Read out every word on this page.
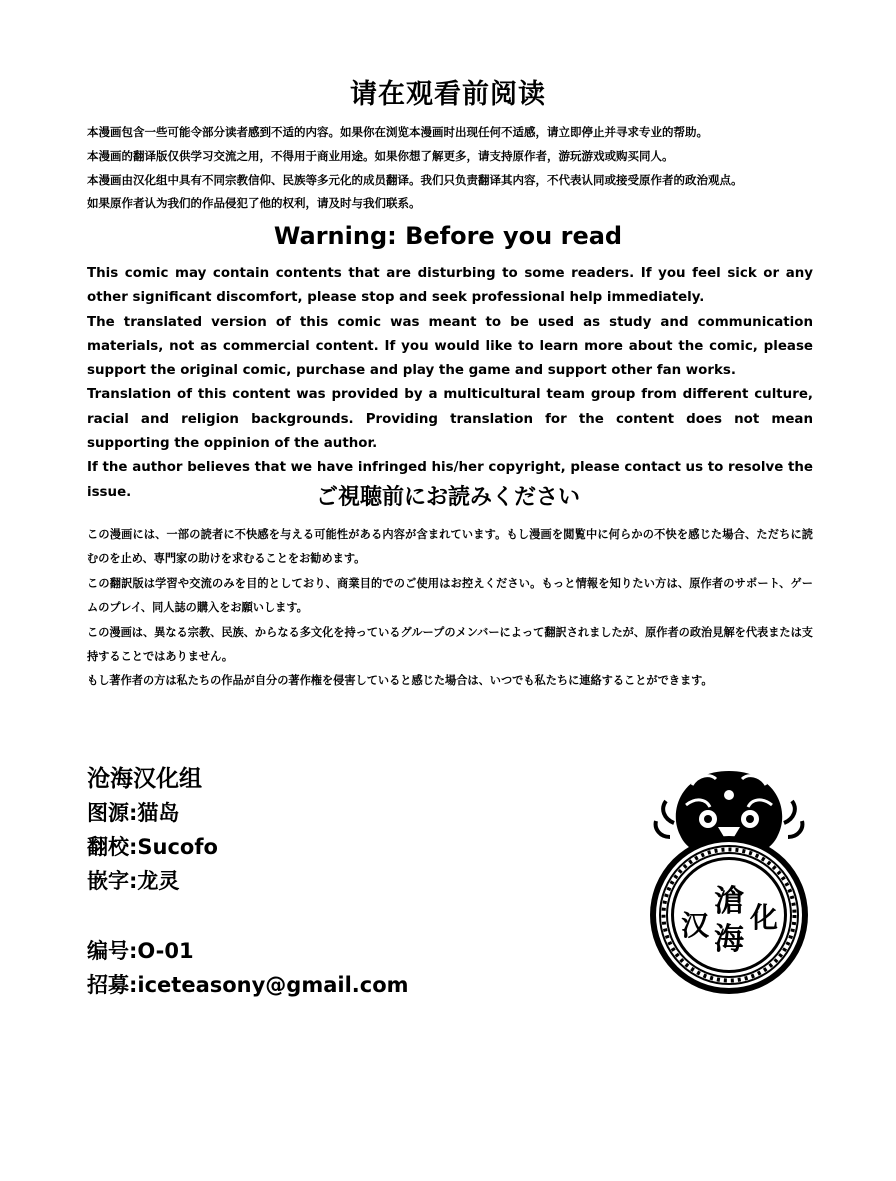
请在观看前阅读
本漫画包含一些可能令部分读者感到不适的内容。如果你在浏览本漫画时出现任何不适感，请立即停止并寻求专业的帮助。
本漫画的翻译版仅供学习交流之用，不得用于商业用途。如果你想了解更多，请支持原作者，游玩游戏或购买同人。
本漫画由汉化组中具有不同宗教信仰、民族等多元化的成员翻译。我们只负责翻译其内容，不代表认同或接受原作者的政治观点。
如果原作者认为我们的作品侵犯了他的权利，请及时与我们联系。
Warning: Before you read
This comic may contain contents that are disturbing to some readers. If you feel sick or any other significant discomfort, please stop and seek professional help immediately.
The translated version of this comic was meant to be used as study and communication materials, not as commercial content. If you would like to learn more about the comic, please support the original comic, purchase and play the game and support other fan works.
Translation of this content was provided by a multicultural team group from different culture, racial and religion backgrounds. Providing translation for the content does not mean supporting the oppinion of the author.
If the author believes that we have infringed his/her copyright, please contact us to resolve the issue.	ご視聴前にお読みください
この漫画には、一部の読者に不快感を与える可能性がある内容が含まれています。もし漫画を閲覧中に何らかの不快を感じた場合、ただちに読むのを止め、専門家の助けを求むることをお勧めます。
この翻訳版は学習や交流のみを目的としており、商業目的でのご使用はお控えください。もっと情報を知りたい方は、原作者のサポート、ゲームのプレイ、同人誌の購入をお願いします。
この漫画は、異なる宗教、民族、からなる多文化を持っているグループのメンバーによって翻訳されましたが、原作者の政治見解を代表または支持することではありません。
もし著作者の方は私たちの作品が自分の著作権を侵害していると感じた場合は、いつでも私たちに連絡することができます。
沧海汉化组
图源:猫岛
翻校:Sucofo
嵌字:龙灵
编号:O-01
招募:iceteasony@gmail.com
滄
海
汉 化
